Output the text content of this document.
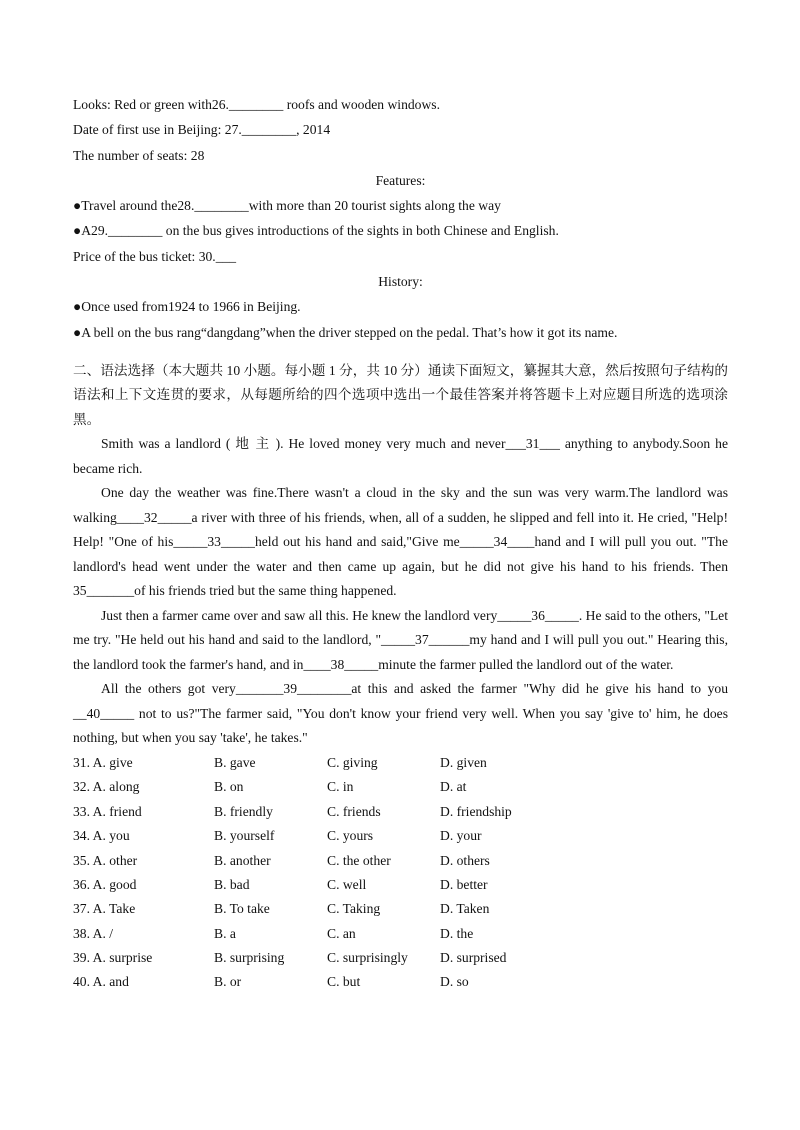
Looks: Red or green with26.________ roofs and wooden windows.
Date of first use in Beijing: 27.________, 2014
The number of seats: 28
Features:
●Travel around the28.________with more than 20 tourist sights along the way
●A29.________ on the bus gives introductions of the sights in both Chinese and English.
Price of the bus ticket: 30.___
History:
●Once used from1924 to 1966 in Beijing.
●A bell on the bus rang“dangdang”when the driver stepped on the pedal. That’s how it got its name.
二、语法选择（本大题共 10 小题。每小题 1 分，共 10 分）通读下面短文，纂握其大意，然后按照句子结构的语法和上下文连贯的要求，从每题所给的四个选项中选出一个最佳答案并将答题卡上对应题目所选的选项涂黑。

Smith was a landlord ( 地 主 ). He loved money very much and never___31___ anything to anybody.Soon he became rich.

One day the weather was fine.There wasn't a cloud in the sky and the sun was very warm.The landlord was walking____32_____a river with three of his friends, when, all of a sudden, he slipped and fell into it. He cried, "Help! Help! "One of his_____33_____held out his hand and said,"Give me_____34____hand and I will pull you out. "The landlord's head went under the water and then came up again, but he did not give his hand to his friends. Then 35_______of his friends tried but the same thing happened.

Just then a farmer came over and saw all this. He knew the landlord very_____36_____. He said to the others, "Let me try. "He held out his hand and said to the landlord, "_____37______my hand and I will pull you out." Hearing this, the landlord took the farmer's hand, and in____38_____minute the farmer pulled the landlord out of the water.

All the others got very_______39________at this and asked the farmer "Why did he give his hand to you __40_____ not to us?"The farmer said, "You don't know your friend very well. When you say 'give to' him, he does nothing, but when you say 'take', he takes."

31. A. give	B. gave	C. giving	D. given
32. A. along	B. on	C. in	D. at
33. A. friend	B. friendly	C. friends	D. friendship
34. A. you	B. yourself	C. yours	D. your
35. A. other	B. another	C. the other	D. others
36. A. good	B. bad	C. well	D. better
37. A. Take	B. To take	C. Taking	D. Taken
38. A. /	B. a	C. an	D. the
39. A. surprise	B. surprising	C. surprisingly	D. surprised
40. A. and	B. or	C. but	D. so
